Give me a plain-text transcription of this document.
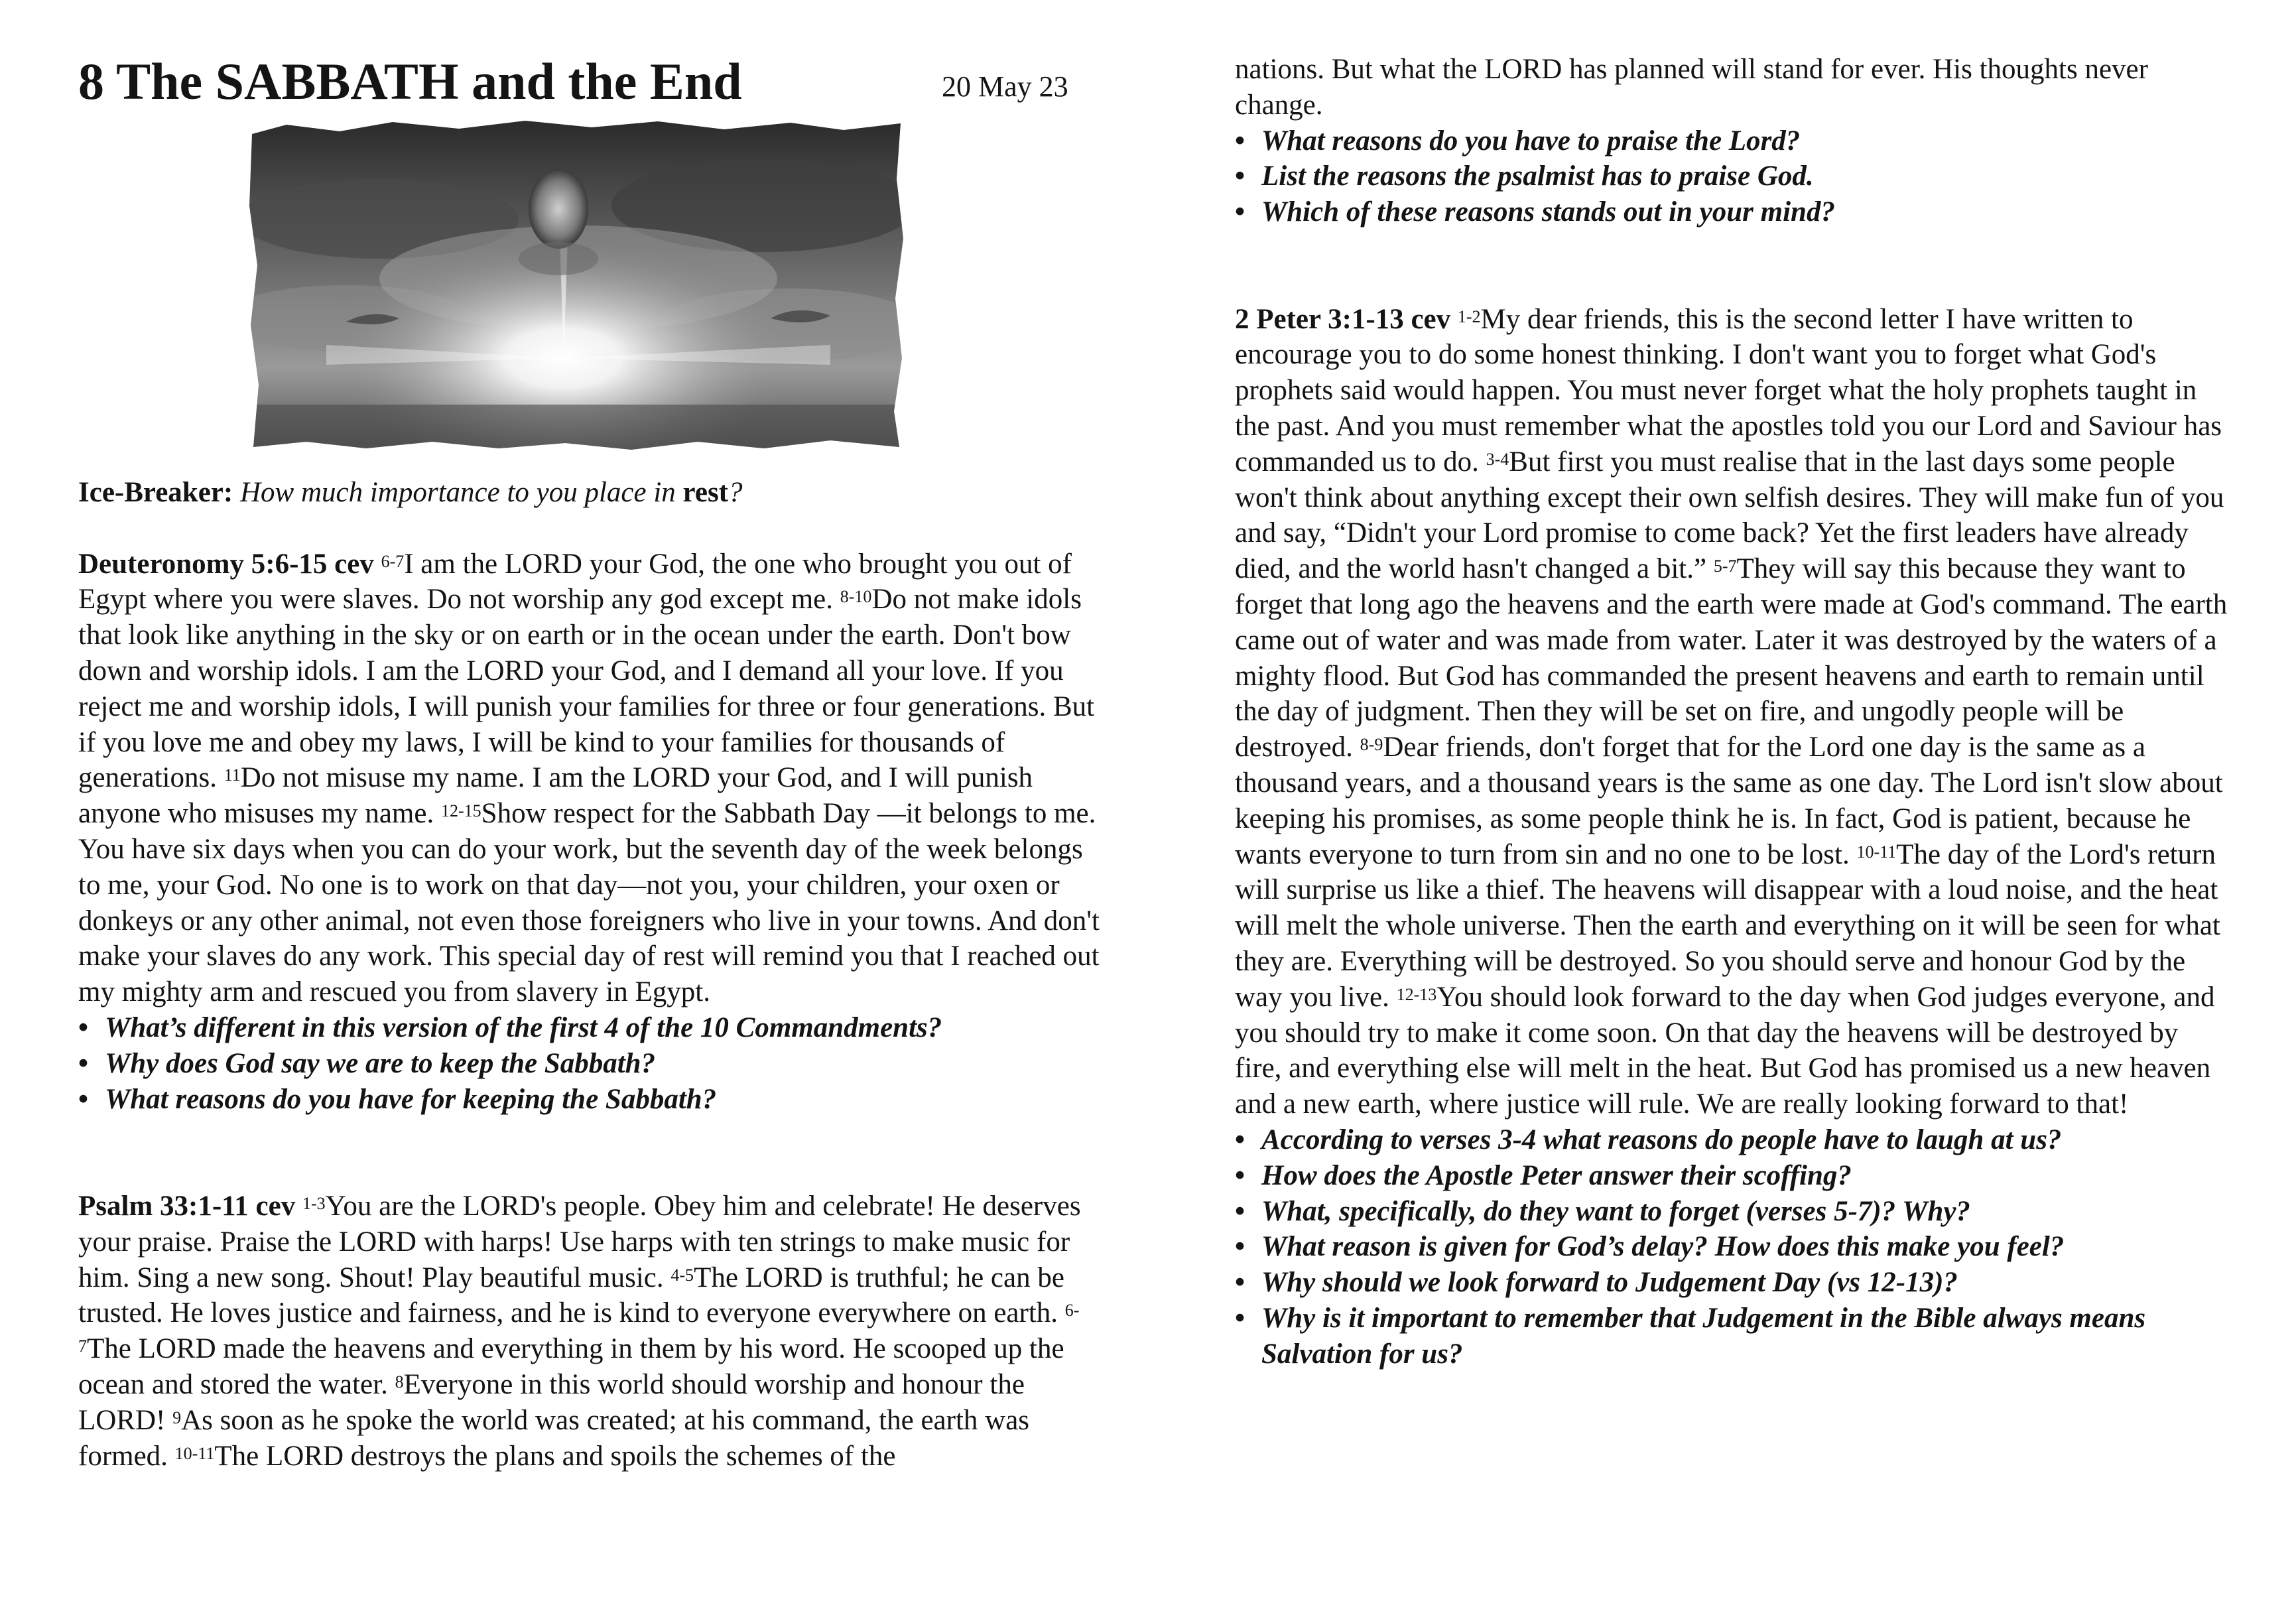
8 The SABBATH and the End	20 May 23

Ice-Breaker: How much importance to you place in rest?

Deuteronomy 5:6-15 cev $^{6-7}$I am the LORD your God, the one who brought you out of Egypt where you were slaves. Do not worship any god except me. $^{8-10}$Do not make idols that look like anything in the sky or on earth or in the ocean under the earth. Don't bow down and worship idols. I am the LORD your God, and I demand all your love. If you reject me and worship idols, I will punish your families for three or four generations. But if you love me and obey my laws, I will be kind to your families for thousands of generations. $^{11}$Do not misuse my name. I am the LORD your God, and I will punish anyone who misuses my name. $^{12-15}$Show respect for the Sabbath Day —it belongs to me. You have six days when you can do your work, but the seventh day of the week belongs to me, your God. No one is to work on that day—not you, your children, your oxen or donkeys or any other animal, not even those foreigners who live in your towns. And don't make your slaves do any work. This special day of rest will remind you that I reached out my mighty arm and rescued you from slavery in Egypt.

• What’s different in this version of the first 4 of the 10 Commandments?
• Why does God say we are to keep the Sabbath?
• What reasons do you have for keeping the Sabbath?

Psalm 33:1-11 cev $^{1-3}$You are the LORD's people. Obey him and celebrate! He deserves your praise. Praise the LORD with harps! Use harps with ten strings to make music for him. Sing a new song. Shout! Play beautiful music. $^{4-5}$The LORD is truthful; he can be trusted. He loves justice and fairness, and he is kind to everyone everywhere on earth. $^{6-7}$The LORD made the heavens and everything in them by his word. He scooped up the ocean and stored the water. $^8$Everyone in this world should worship and honour the LORD! $^9$As soon as he spoke the world was created; at his command, the earth was formed. $^{10-11}$The LORD destroys the plans and spoils the schemes of the

nations. But what the LORD has planned will stand for ever. His thoughts never change.

• What reasons do you have to praise the Lord?
• List the reasons the psalmist has to praise God.
• Which of these reasons stands out in your mind?

2 Peter 3:1-13 cev $^{1-2}$My dear friends, this is the second letter I have written to encourage you to do some honest thinking. I don't want you to forget what God's prophets said would happen. You must never forget what the holy prophets taught in the past. And you must remember what the apostles told you our Lord and Saviour has commanded us to do. $^{3-4}$But first you must realise that in the last days some people won't think about anything except their own selfish desires. They will make fun of you and say, “Didn't your Lord promise to come back? Yet the first leaders have already died, and the world hasn't changed a bit.” $^{5-7}$They will say this because they want to forget that long ago the heavens and the earth were made at God's command. The earth came out of water and was made from water. Later it was destroyed by the waters of a mighty flood. But God has commanded the present heavens and earth to remain until the day of judgment. Then they will be set on fire, and ungodly people will be destroyed. $^{8-9}$Dear friends, don't forget that for the Lord one day is the same as a thousand years, and a thousand years is the same as one day. The Lord isn't slow about keeping his promises, as some people think he is. In fact, God is patient, because he wants everyone to turn from sin and no one to be lost. $^{10-11}$The day of the Lord's return will surprise us like a thief. The heavens will disappear with a loud noise, and the heat will melt the whole universe. Then the earth and everything on it will be seen for what they are. Everything will be destroyed. So you should serve and honour God by the way you live. $^{12-13}$You should look forward to the day when God judges everyone, and you should try to make it come soon. On that day the heavens will be destroyed by fire, and everything else will melt in the heat. But God has promised us a new heaven and a new earth, where justice will rule. We are really looking forward to that!

• According to verses 3-4 what reasons do people have to laugh at us?
• How does the Apostle Peter answer their scoffing?
• What, specifically, do they want to forget (verses 5-7)? Why?
• What reason is given for God’s delay? How does this make you feel?
• Why should we look forward to Judgement Day (vs 12-13)?
• Why is it important to remember that Judgement in the Bible always means Salvation for us?
